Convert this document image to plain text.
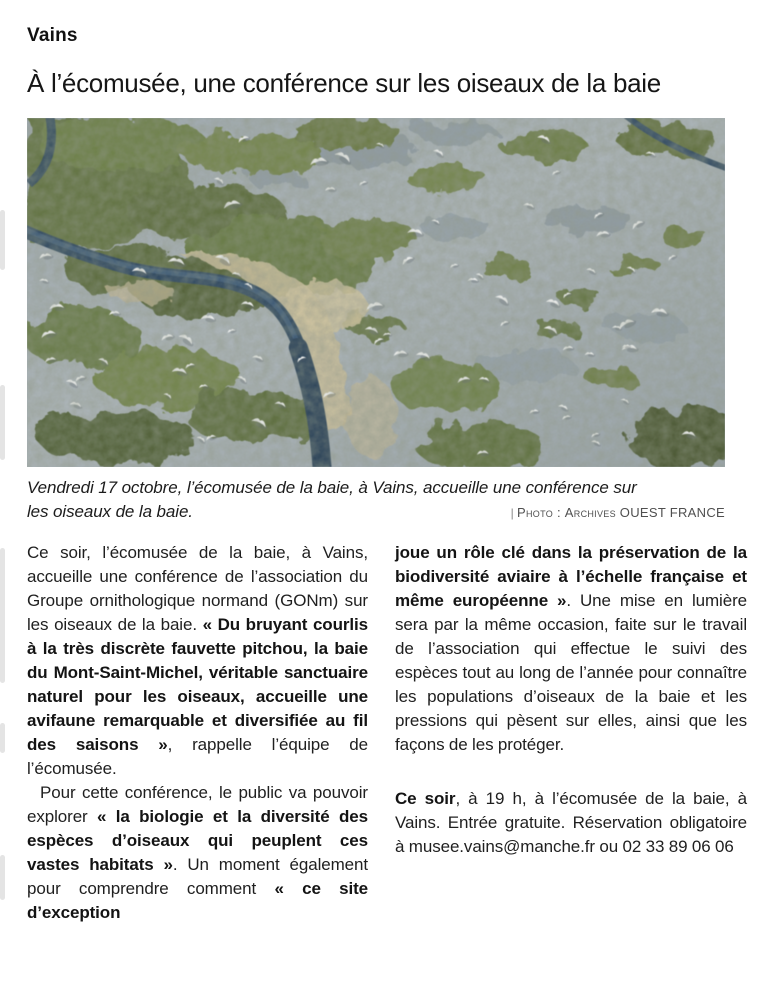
Vains
À l’écomusée, une conférence sur les oiseaux de la baie
Vendredi 17 octobre, l’écomusée de la baie, à Vains, accueille une conférence sur
les oiseaux de la baie.	| Photo : Archives OUEST FRANCE

Ce soir, l’écomusée de la baie, à Vains, accueille une conférence de l’association du Groupe ornithologique normand (GONm) sur les oiseaux de la baie. « Du bruyant courlis à la très discrète fauvette pitchou, la baie du Mont-Saint-Michel, véritable sanctuaire naturel pour les oiseaux, accueille une avifaune remarquable et diversifiée au fil des saisons », rappelle l’équipe de l’écomusée.

Pour cette conférence, le public va pouvoir explorer « la biologie et la diversité des espèces d’oiseaux qui peuplent ces vastes habitats ». Un moment également pour comprendre comment « ce site d’exception

joue un rôle clé dans la préservation de la biodiversité aviaire à l’échelle française et même européenne ». Une mise en lumière sera par la même occasion, faite sur le travail de l’association qui effectue le suivi des espèces tout au long de l’année pour connaître les populations d’oiseaux de la baie et les pressions qui pèsent sur elles, ainsi que les façons de les protéger.

Ce soir, à 19 h, à l’écomusée de la baie, à Vains. Entrée gratuite. Réservation obligatoire à musee.vains@manche.fr ou 02 33 89 06 06
